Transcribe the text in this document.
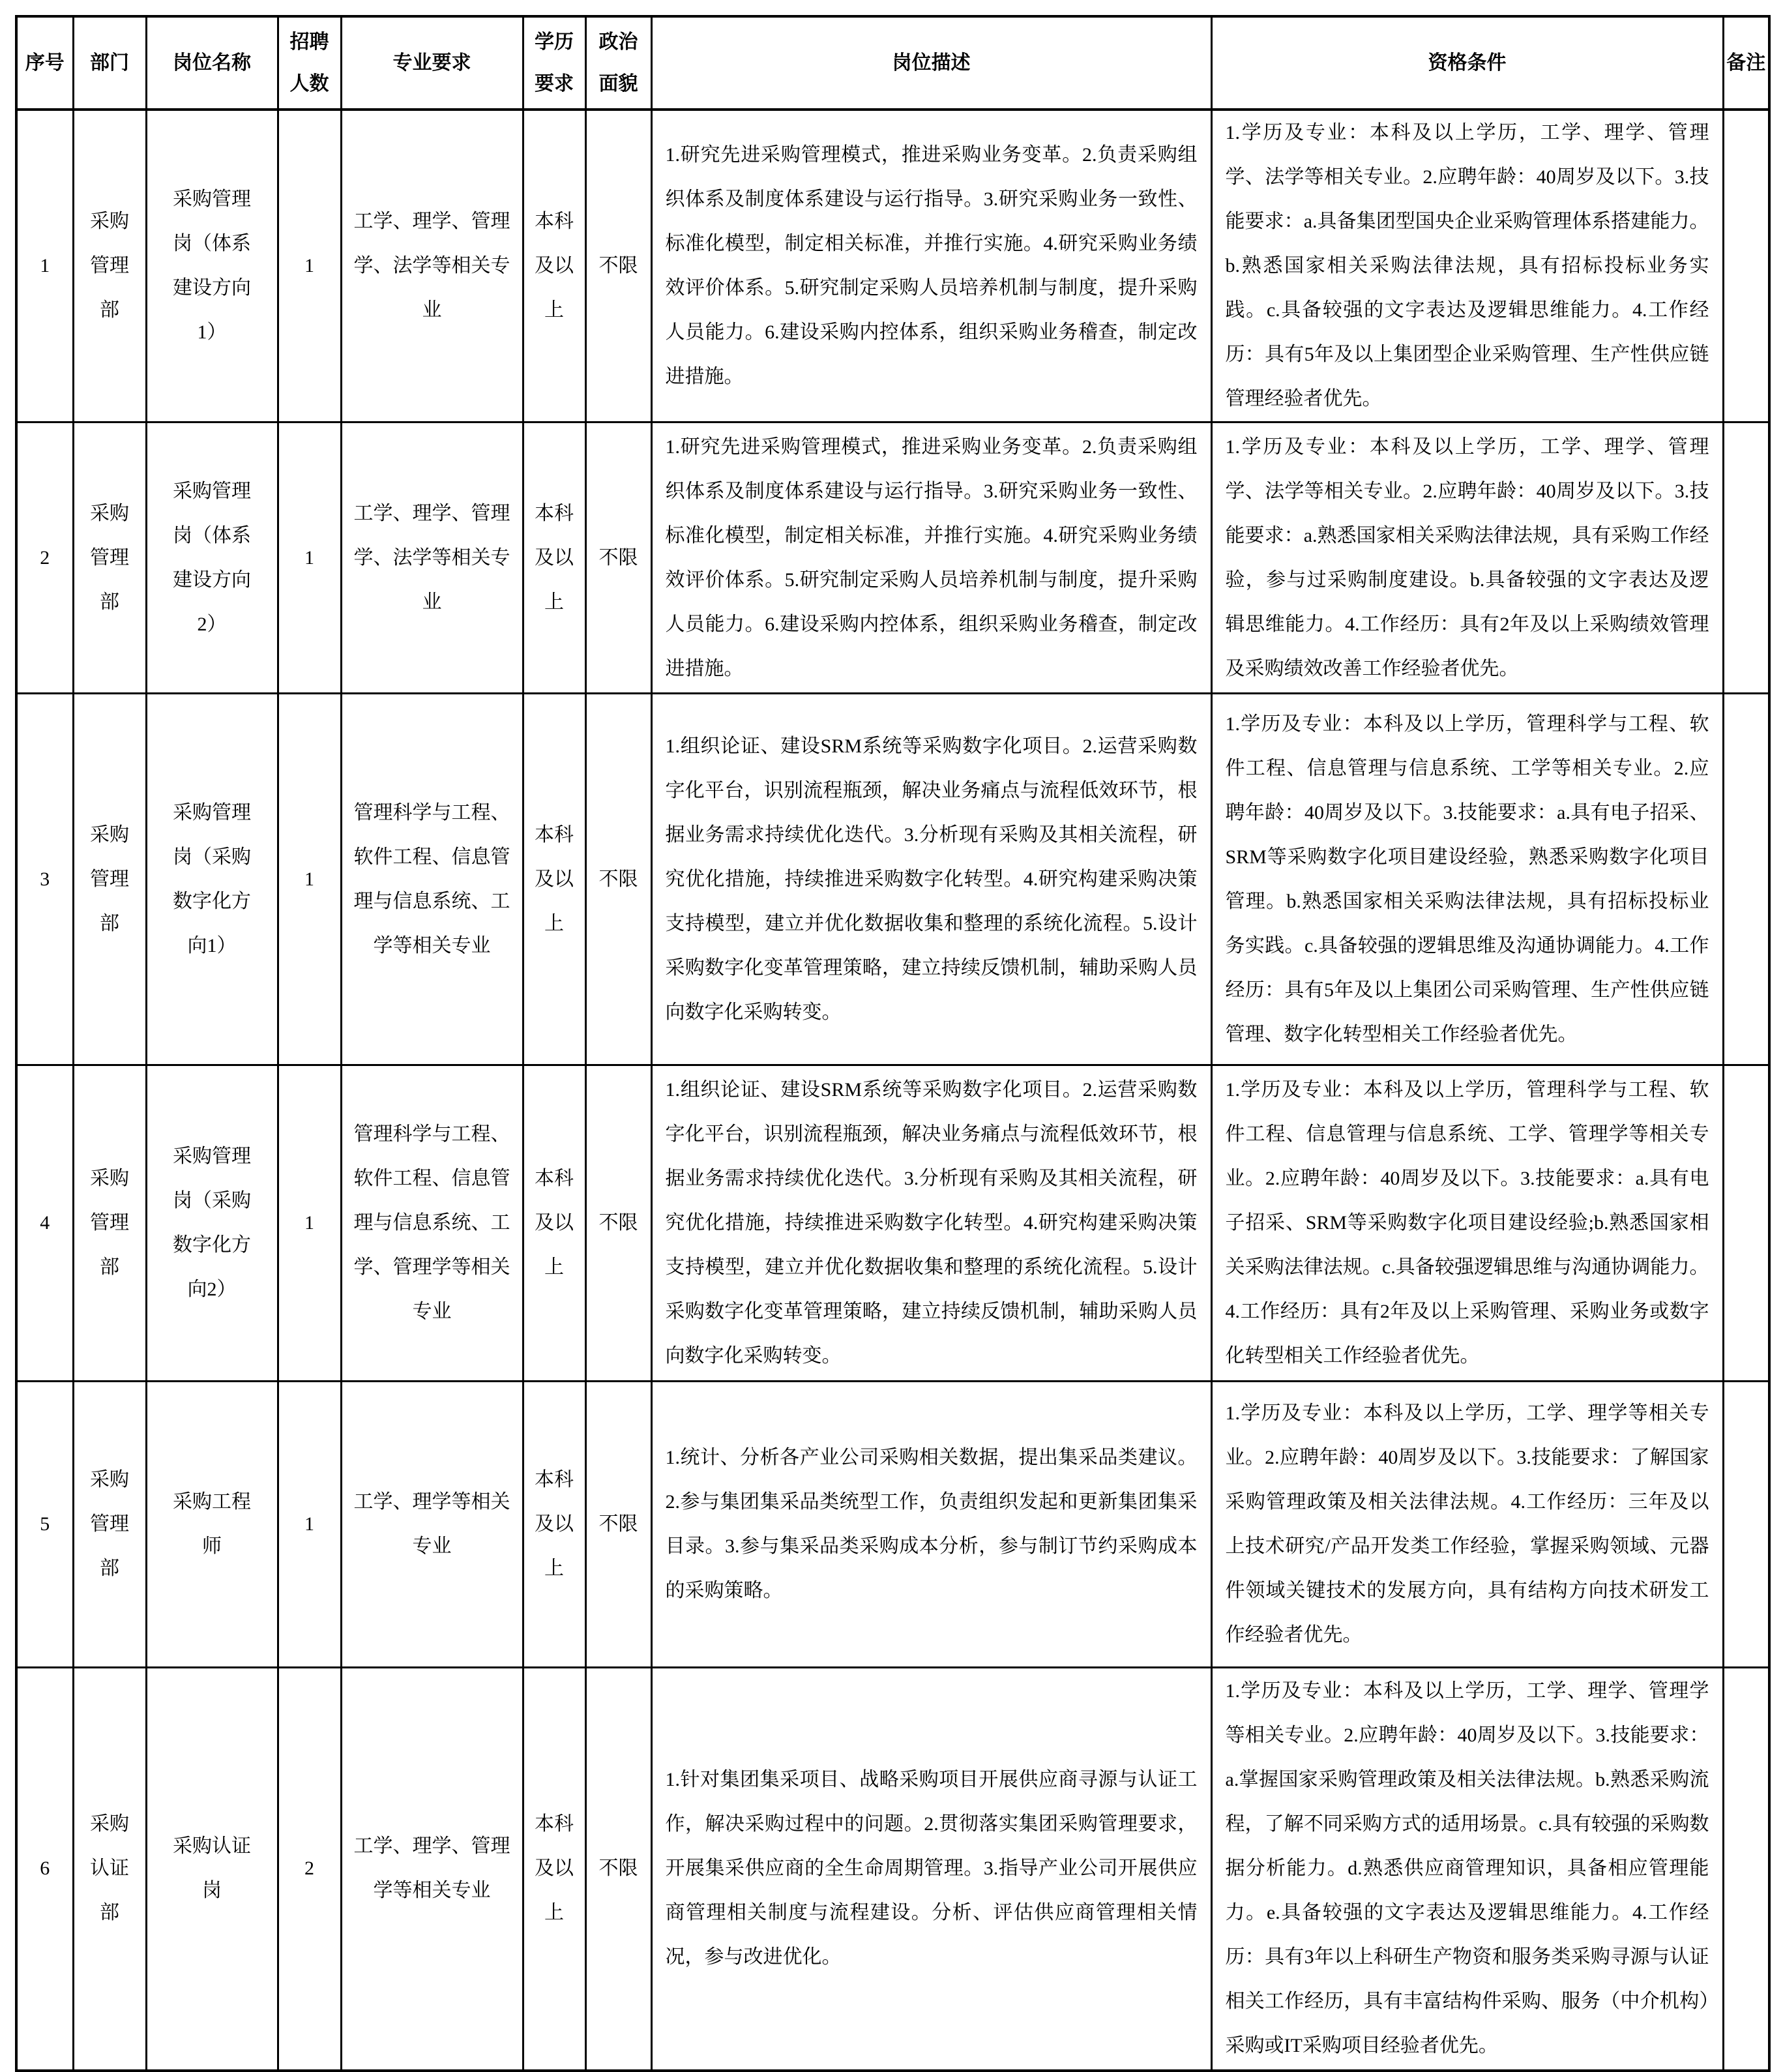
序号	部门	岗位名称	招聘人数	专业要求	学历要求	政治面貌	岗位描述	资格条件	备注
1	采购管理部	采购管理岗（体系建设方向1）	1	工学、理学、管理学、法学等相关专业	本科及以上	不限	1.研究先进采购管理模式，推进采购业务变革。2.负责采购组织体系及制度体系建设与运行指导。3.研究采购业务一致性、标准化模型，制定相关标准，并推行实施。4.研究采购业务绩效评价体系。5.研究制定采购人员培养机制与制度，提升采购人员能力。6.建设采购内控体系，组织采购业务稽查，制定改进措施。	1.学历及专业：本科及以上学历，工学、理学、管理学、法学等相关专业。2.应聘年龄：40周岁及以下。3.技能要求：a.具备集团型国央企业采购管理体系搭建能力。b.熟悉国家相关采购法律法规，具有招标投标业务实践。c.具备较强的文字表达及逻辑思维能力。4.工作经历：具有5年及以上集团型企业采购管理、生产性供应链管理经验者优先。	
2	采购管理部	采购管理岗（体系建设方向2）	1	工学、理学、管理学、法学等相关专业	本科及以上	不限	1.研究先进采购管理模式，推进采购业务变革。2.负责采购组织体系及制度体系建设与运行指导。3.研究采购业务一致性、标准化模型，制定相关标准，并推行实施。4.研究采购业务绩效评价体系。5.研究制定采购人员培养机制与制度，提升采购人员能力。6.建设采购内控体系，组织采购业务稽查，制定改进措施。	1.学历及专业：本科及以上学历，工学、理学、管理学、法学等相关专业。2.应聘年龄：40周岁及以下。3.技能要求：a.熟悉国家相关采购法律法规，具有采购工作经验，参与过采购制度建设。b.具备较强的文字表达及逻辑思维能力。4.工作经历：具有2年及以上采购绩效管理及采购绩效改善工作经验者优先。	
3	采购管理部	采购管理岗（采购数字化方向1）	1	管理科学与工程、软件工程、信息管理与信息系统、工学等相关专业	本科及以上	不限	1.组织论证、建设SRM系统等采购数字化项目。2.运营采购数字化平台，识别流程瓶颈，解决业务痛点与流程低效环节，根据业务需求持续优化迭代。3.分析现有采购及其相关流程，研究优化措施，持续推进采购数字化转型。4.研究构建采购决策支持模型，建立并优化数据收集和整理的系统化流程。5.设计采购数字化变革管理策略，建立持续反馈机制，辅助采购人员向数字化采购转变。	1.学历及专业：本科及以上学历，管理科学与工程、软件工程、信息管理与信息系统、工学等相关专业。2.应聘年龄：40周岁及以下。3.技能要求：a.具有电子招采、SRM等采购数字化项目建设经验，熟悉采购数字化项目管理。b.熟悉国家相关采购法律法规，具有招标投标业务实践。c.具备较强的逻辑思维及沟通协调能力。4.工作经历：具有5年及以上集团公司采购管理、生产性供应链管理、数字化转型相关工作经验者优先。	
4	采购管理部	采购管理岗（采购数字化方向2）	1	管理科学与工程、软件工程、信息管理与信息系统、工学、管理学等相关专业	本科及以上	不限	1.组织论证、建设SRM系统等采购数字化项目。2.运营采购数字化平台，识别流程瓶颈，解决业务痛点与流程低效环节，根据业务需求持续优化迭代。3.分析现有采购及其相关流程，研究优化措施，持续推进采购数字化转型。4.研究构建采购决策支持模型，建立并优化数据收集和整理的系统化流程。5.设计采购数字化变革管理策略，建立持续反馈机制，辅助采购人员向数字化采购转变。	1.学历及专业：本科及以上学历，管理科学与工程、软件工程、信息管理与信息系统、工学、管理学等相关专业。2.应聘年龄：40周岁及以下。3.技能要求：a.具有电子招采、SRM等采购数字化项目建设经验;b.熟悉国家相关采购法律法规。c.具备较强逻辑思维与沟通协调能力。4.工作经历：具有2年及以上采购管理、采购业务或数字化转型相关工作经验者优先。	
5	采购管理部	采购工程师	1	工学、理学等相关专业	本科及以上	不限	1.统计、分析各产业公司采购相关数据，提出集采品类建议。2.参与集团集采品类统型工作，负责组织发起和更新集团集采目录。3.参与集采品类采购成本分析，参与制订节约采购成本的采购策略。	1.学历及专业：本科及以上学历，工学、理学等相关专业。2.应聘年龄：40周岁及以下。3.技能要求：了解国家采购管理政策及相关法律法规。4.工作经历：三年及以上技术研究/产品开发类工作经验，掌握采购领域、元器件领域关键技术的发展方向，具有结构方向技术研发工作经验者优先。	
6	采购认证部	采购认证岗	2	工学、理学、管理学等相关专业	本科及以上	不限	1.针对集团集采项目、战略采购项目开展供应商寻源与认证工作，解决采购过程中的问题。2.贯彻落实集团采购管理要求，开展集采供应商的全生命周期管理。3.指导产业公司开展供应商管理相关制度与流程建设。分析、评估供应商管理相关情况，参与改进优化。	1.学历及专业：本科及以上学历，工学、理学、管理学等相关专业。2.应聘年龄：40周岁及以下。3.技能要求：a.掌握国家采购管理政策及相关法律法规。b.熟悉采购流程，了解不同采购方式的适用场景。c.具有较强的采购数据分析能力。d.熟悉供应商管理知识，具备相应管理能力。e.具备较强的文字表达及逻辑思维能力。4.工作经历：具有3年以上科研生产物资和服务类采购寻源与认证相关工作经历，具有丰富结构件采购、服务（中介机构）采购或IT采购项目经验者优先。	
